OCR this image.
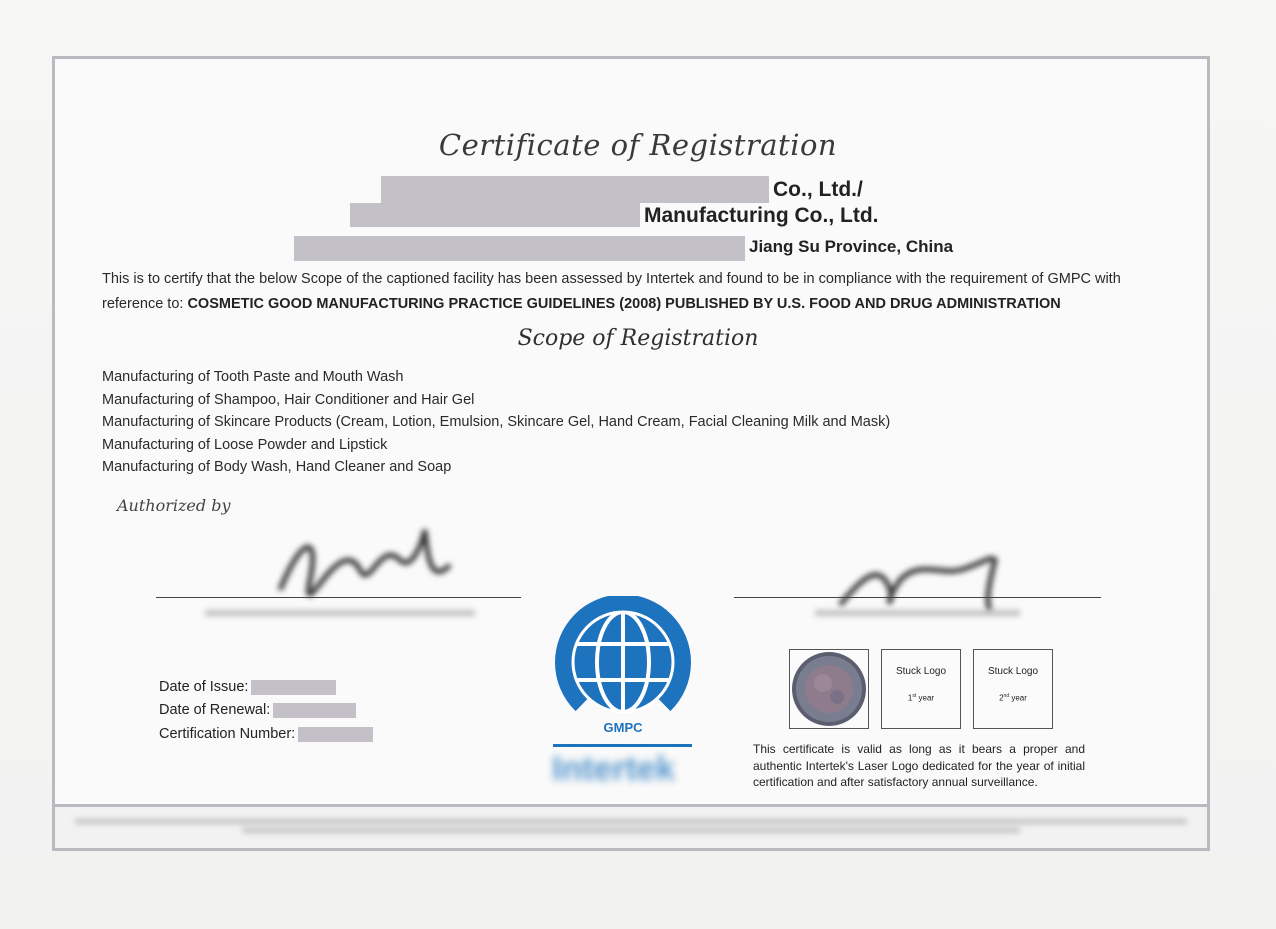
Certificate of Registration
Co., Ltd./
Manufacturing Co., Ltd.
Jiang Su Province, China
This is to certify that the below Scope of the captioned facility has been assessed by Intertek and found to be in compliance with the requirement of GMPC with reference to: COSMETIC GOOD MANUFACTURING PRACTICE GUIDELINES (2008) PUBLISHED BY U.S. FOOD AND DRUG ADMINISTRATION
Scope of Registration
Manufacturing of Tooth Paste and Mouth Wash
Manufacturing of Shampoo, Hair Conditioner and Hair Gel
Manufacturing of Skincare Products (Cream, Lotion, Emulsion, Skincare Gel, Hand Cream, Facial Cleaning Milk and Mask)
Manufacturing of Loose Powder and Lipstick
Manufacturing of Body Wash, Hand Cleaner and Soap
Authorized by
Date of Issue:
Date of Renewal:
Certification Number:	GMPC
Intertek
Stuck Logo
1st year
Stuck Logo
2nd year
This certificate is valid as long as it bears a proper and authentic Intertek's Laser Logo dedicated for the year of initial certification and after satisfactory annual surveillance.
